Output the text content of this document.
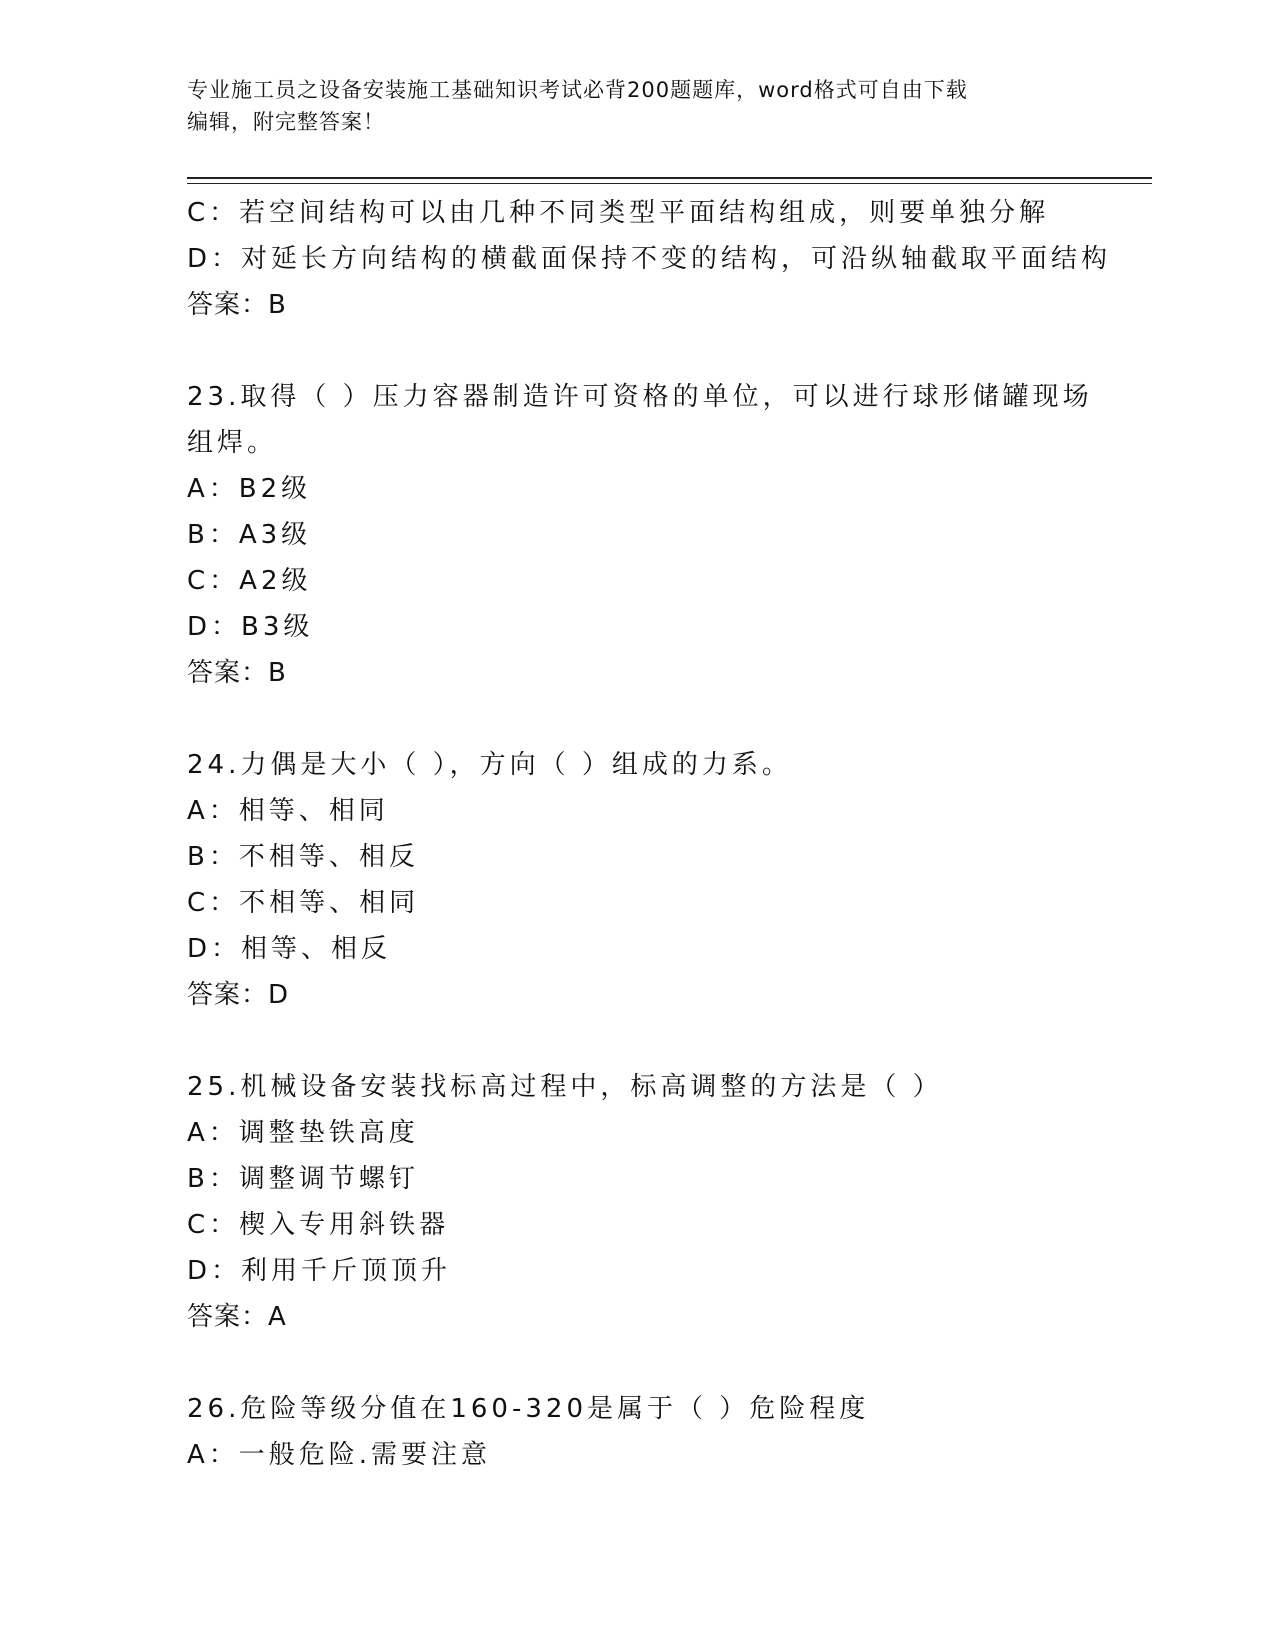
专业施工员之设备安装施工基础知识考试必背200题题库，word格式可自由下载
编辑，附完整答案！
C：若空间结构可以由几种不同类型平面结构组成，则要单独分解
D：对延长方向结构的横截面保持不变的结构，可沿纵轴截取平面结构
答案：B
23.取得（ ）压力容器制造许可资格的单位，可以进行球形储罐现场
组焊。
A：B2级
B：A3级
C：A2级
D：B3级
答案：B
24.力偶是大小（ ），方向（ ）组成的力系。
A：相等、相同
B：不相等、相反
C：不相等、相同
D：相等、相反
答案：D
25.机械设备安装找标高过程中，标高调整的方法是（ ）
A：调整垫铁高度
B：调整调节螺钉
C：楔入专用斜铁器
D：利用千斤顶顶升
答案：A
26.危险等级分值在160-320是属于（ ）危险程度
A：一般危险.需要注意
